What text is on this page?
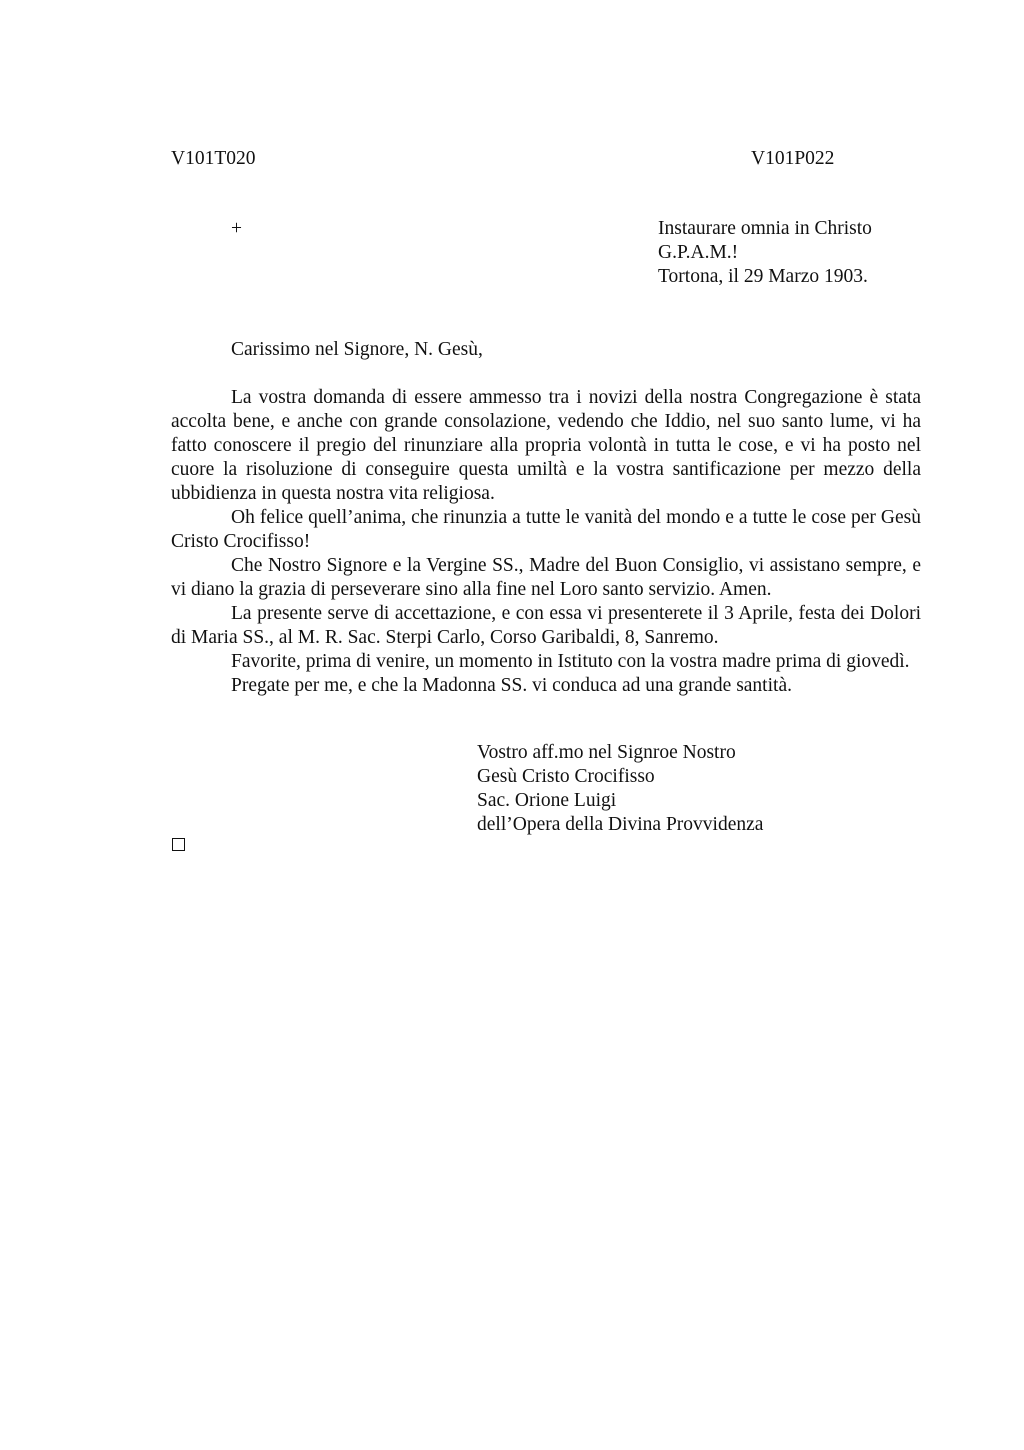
V101T020	V101P022
+	Instaurare omnia in Christo
G.P.A.M.!
Tortona, il 29 Marzo 1903.
Carissimo nel Signore, N. Gesù,

La vostra domanda di essere ammesso tra i novizi della nostra Congregazione è stata accolta bene, e anche con grande consolazione, vedendo che Iddio, nel suo santo lume, vi ha fatto conoscere il pregio del rinunziare alla propria volontà in tutta le cose, e vi ha posto nel cuore la risoluzione di conseguire questa umiltà e la vostra santificazione per mezzo della ubbidienza in questa nostra vita religiosa.

Oh felice quell’anima, che rinunzia a tutte le vanità del mondo e a tutte le cose per Gesù Cristo Crocifisso!

Che Nostro Signore e la Vergine SS., Madre del Buon Consiglio, vi assistano sempre, e vi diano la grazia di perseverare sino alla fine nel Loro santo servizio. Amen.

La presente serve di accettazione, e con essa vi presenterete il 3 Aprile, festa dei Dolori di Maria SS., al M. R. Sac. Sterpi Carlo, Corso Garibaldi, 8, Sanremo.

Favorite, prima di venire, un momento in Istituto con la vostra madre prima di giovedì.

Pregate per me, e che la Madonna SS. vi conduca ad una grande santità.

Vostro aff.mo nel Signroe Nostro
Gesù Cristo Crocifisso
Sac. Orione Luigi
dell’Opera della Divina Provvidenza
